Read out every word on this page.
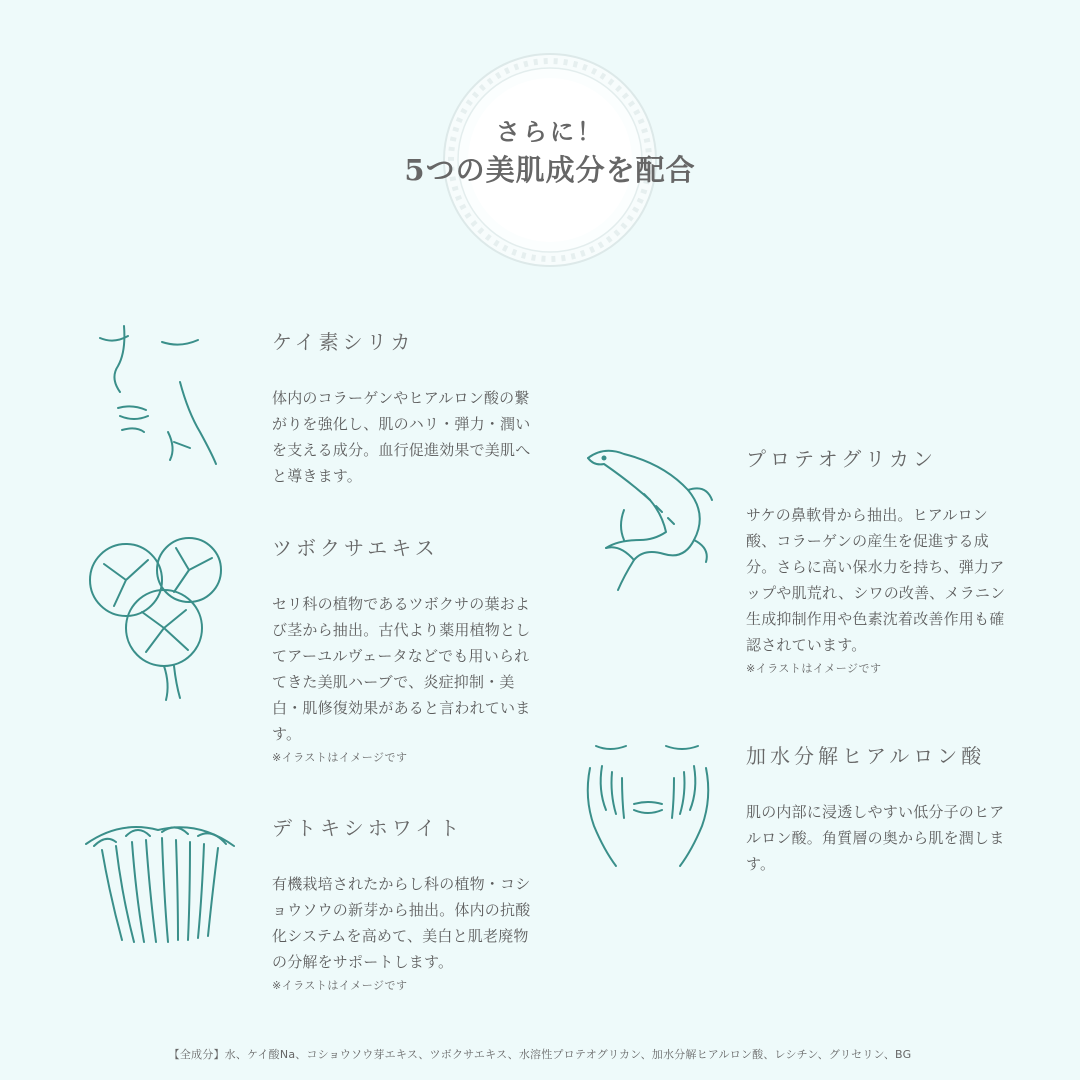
さらに！
5つの美肌成分を配合
ケイ素シリカ
体内のコラーゲンやヒアルロン酸の繋がりを強化し、肌のハリ・弾力・潤いを支える成分。血行促進効果で美肌へと導きます。
ツボクサエキス
セリ科の植物であるツボクサの葉および茎から抽出。古代より薬用植物としてアーユルヴェータなどでも用いられてきた美肌ハーブで、炎症抑制・美白・肌修復効果があると言われています。
※イラストはイメージです
デトキシホワイト
有機栽培されたからし科の植物・コショウソウの新芽から抽出。体内の抗酸化システムを高めて、美白と肌老廃物の分解をサポートします。
※イラストはイメージです
プロテオグリカン
サケの鼻軟骨から抽出。ヒアルロン酸、コラーゲンの産生を促進する成分。さらに高い保水力を持ち、弾力アップや肌荒れ、シワの改善、メラニン生成抑制作用や色素沈着改善作用も確認されています。
※イラストはイメージです
加水分解ヒアルロン酸
肌の内部に浸透しやすい低分子のヒアルロン酸。角質層の奥から肌を潤します。
【全成分】水、ケイ酸Na、コショウソウ芽エキス、ツボクサエキス、水溶性プロテオグリカン、加水分解ヒアルロン酸、レシチン、グリセリン、BG
